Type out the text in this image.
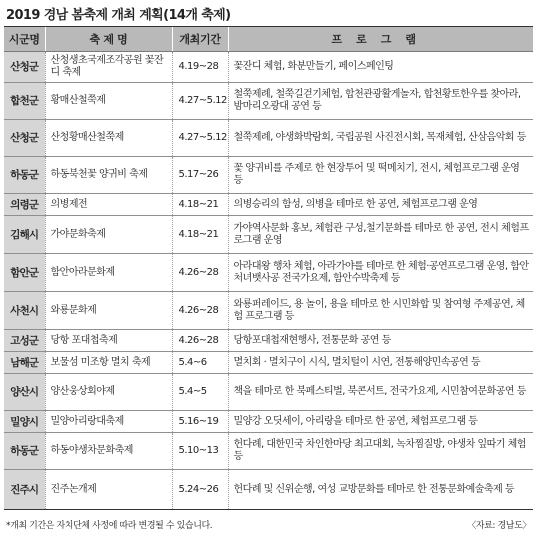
2019 경남 봄축제 개최 계획(14개 축제)
시군명	축 제 명	개최기간	프로그램
산청군	산청생초국제조각공원 꽃잔디 축제	4.19~28	꽃잔디 체험, 화분만들기, 페이스페인팅
합천군	황매산철쭉제	4.27~5.12	철쭉제례, 철쭉길걷기체험, 합천관광활게놀자, 합천황토한우를 찾아라, 밤마리오광대 공연 등
산청군	산청황매산철쭉제	4.27~5.12	철쭉제례, 야생화박람회, 국립공원 사진전시회, 목재체험, 산삼음악회 등
하동군	하동북천꽃 양귀비 축제	5.17~26	꽃 양귀비를 주제로 한 현장투어 및 떡메치기, 전시, 체험프로그램 운영 등
의령군	의병제전	4.18~21	의병승리의 함성, 의병을 테마로 한 공연, 체험프로그램 운영
김해시	가야문화축제	4.18~21	가야역사문화 홍보, 체험관 구성,철기문화를 테마로 한 공연, 전시 체험프로그램 운영
함안군	함안아라문화제	4.26~28	아라대왕 행차 체험, 아라가야를 테마로 한 체험·공연프로그램 운영, 함안처녀뱃사공 전국가요제, 함안수박축제 등
사천시	와룡문화제	4.26~28	와룡퍼레이드, 용 놀이, 용을 테마로 한 시민화합 및 참여형 주제공연, 체험 프로그램 등
고성군	당항 포대첩축제	4.26~28	당항포대첩재현행사, 전통문화 공연 등
남해군	보물섬 미조항 멸치 축제	5.4~6	멸치회 · 멸치구이 시식, 멸치털이 시연, 전통해양민속공연 등
양산시	양산웅상회야제	5.4~5	책을 테마로 한 북페스티벌, 북콘서트, 전국가요제, 시민참여문화공연 등
밀양시	밀양아리랑대축제	5.16~19	밀양강 오딧세이, 아리랑을 테마로 한 공연, 체험프로그램 등
하동군	하동야생차문화축제	5.10~13	헌다례, 대한민국 차인한마당 최고대회, 녹차찜질방, 야생차 잎따기 체험 등
진주시	진주논개제	5.24~26	헌다례 및 신위순행, 여성 교방문화를 테마로 한 전통문화예술축제 등
*개최 기간은 자치단체 사정에 따라 변경될 수 있습니다.	〈자료: 경남도〉
